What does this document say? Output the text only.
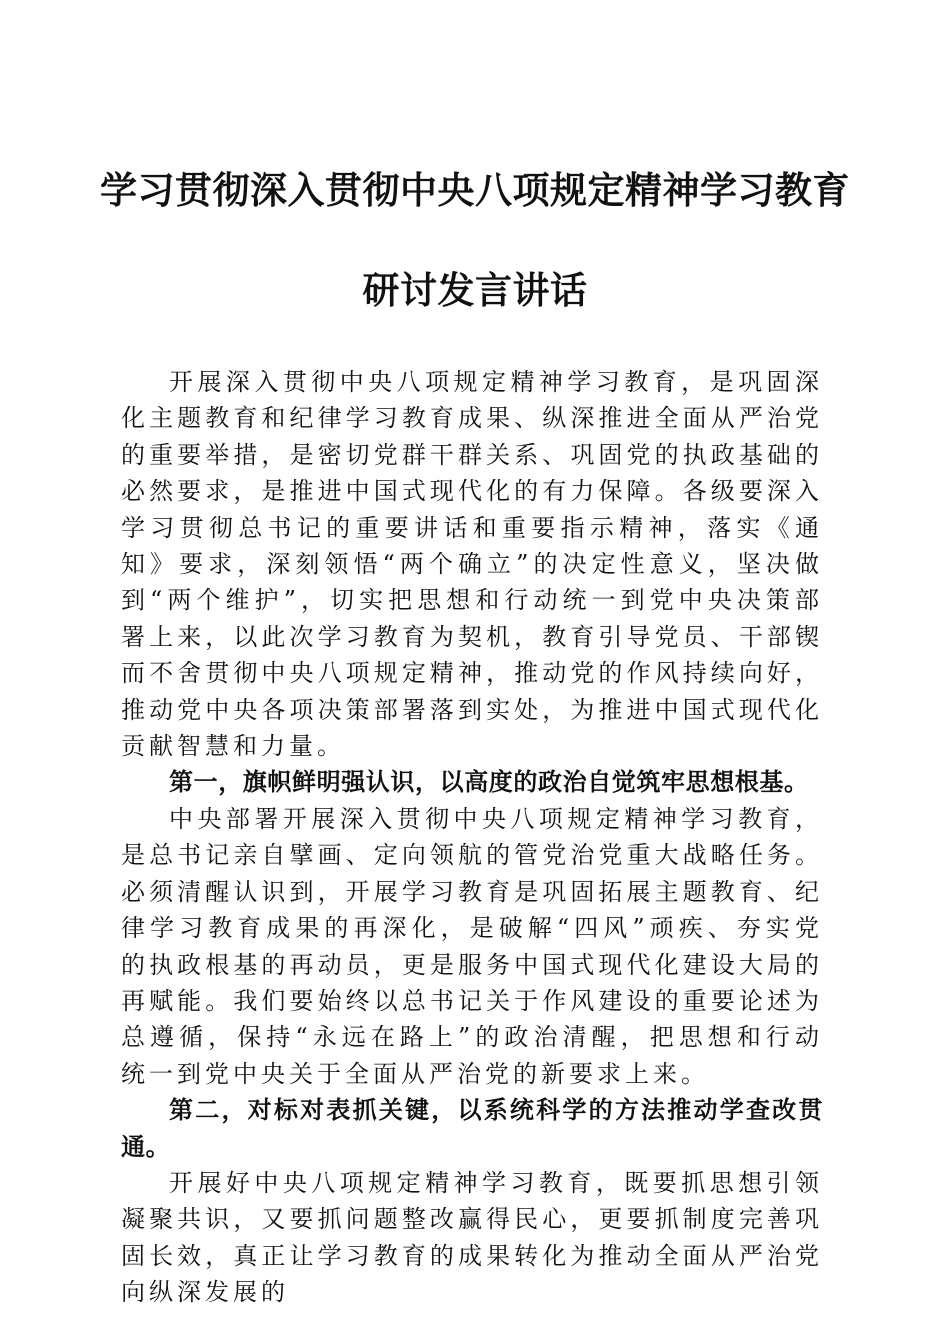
学习贯彻深入贯彻中央八项规定精神学习教育
研讨发言讲话

开展深入贯彻中央八项规定精神学习教育，是巩固深化主题教育和纪律学习教育成果、纵深推进全面从严治党的重要举措，是密切党群干群关系、巩固党的执政基础的必然要求，是推进中国式现代化的有力保障。各级要深入学习贯彻总书记的重要讲话和重要指示精神，落实《通知》要求，深刻领悟“两个确立”的决定性意义，坚决做到“两个维护”，切实把思想和行动统一到党中央决策部署上来，以此次学习教育为契机，教育引导党员、干部锲而不舍贯彻中央八项规定精神，推动党的作风持续向好，推动党中央各项决策部署落到实处，为推进中国式现代化贡献智慧和力量。

第一，旗帜鲜明强认识，以高度的政治自觉筑牢思想根基。

中央部署开展深入贯彻中央八项规定精神学习教育，是总书记亲自擘画、定向领航的管党治党重大战略任务。必须清醒认识到，开展学习教育是巩固拓展主题教育、纪律学习教育成果的再深化，是破解“四风”顽疾、夯实党的执政根基的再动员，更是服务中国式现代化建设大局的再赋能。我们要始终以总书记关于作风建设的重要论述为总遵循，保持“永远在路上”的政治清醒，把思想和行动统一到党中央关于全面从严治党的新要求上来。

第二，对标对表抓关键，以系统科学的方法推动学查改贯通。

开展好中央八项规定精神学习教育，既要抓思想引领凝聚共识，又要抓问题整改赢得民心，更要抓制度完善巩固长效，真正让学习教育的成果转化为推动全面从严治党向纵深发展的
